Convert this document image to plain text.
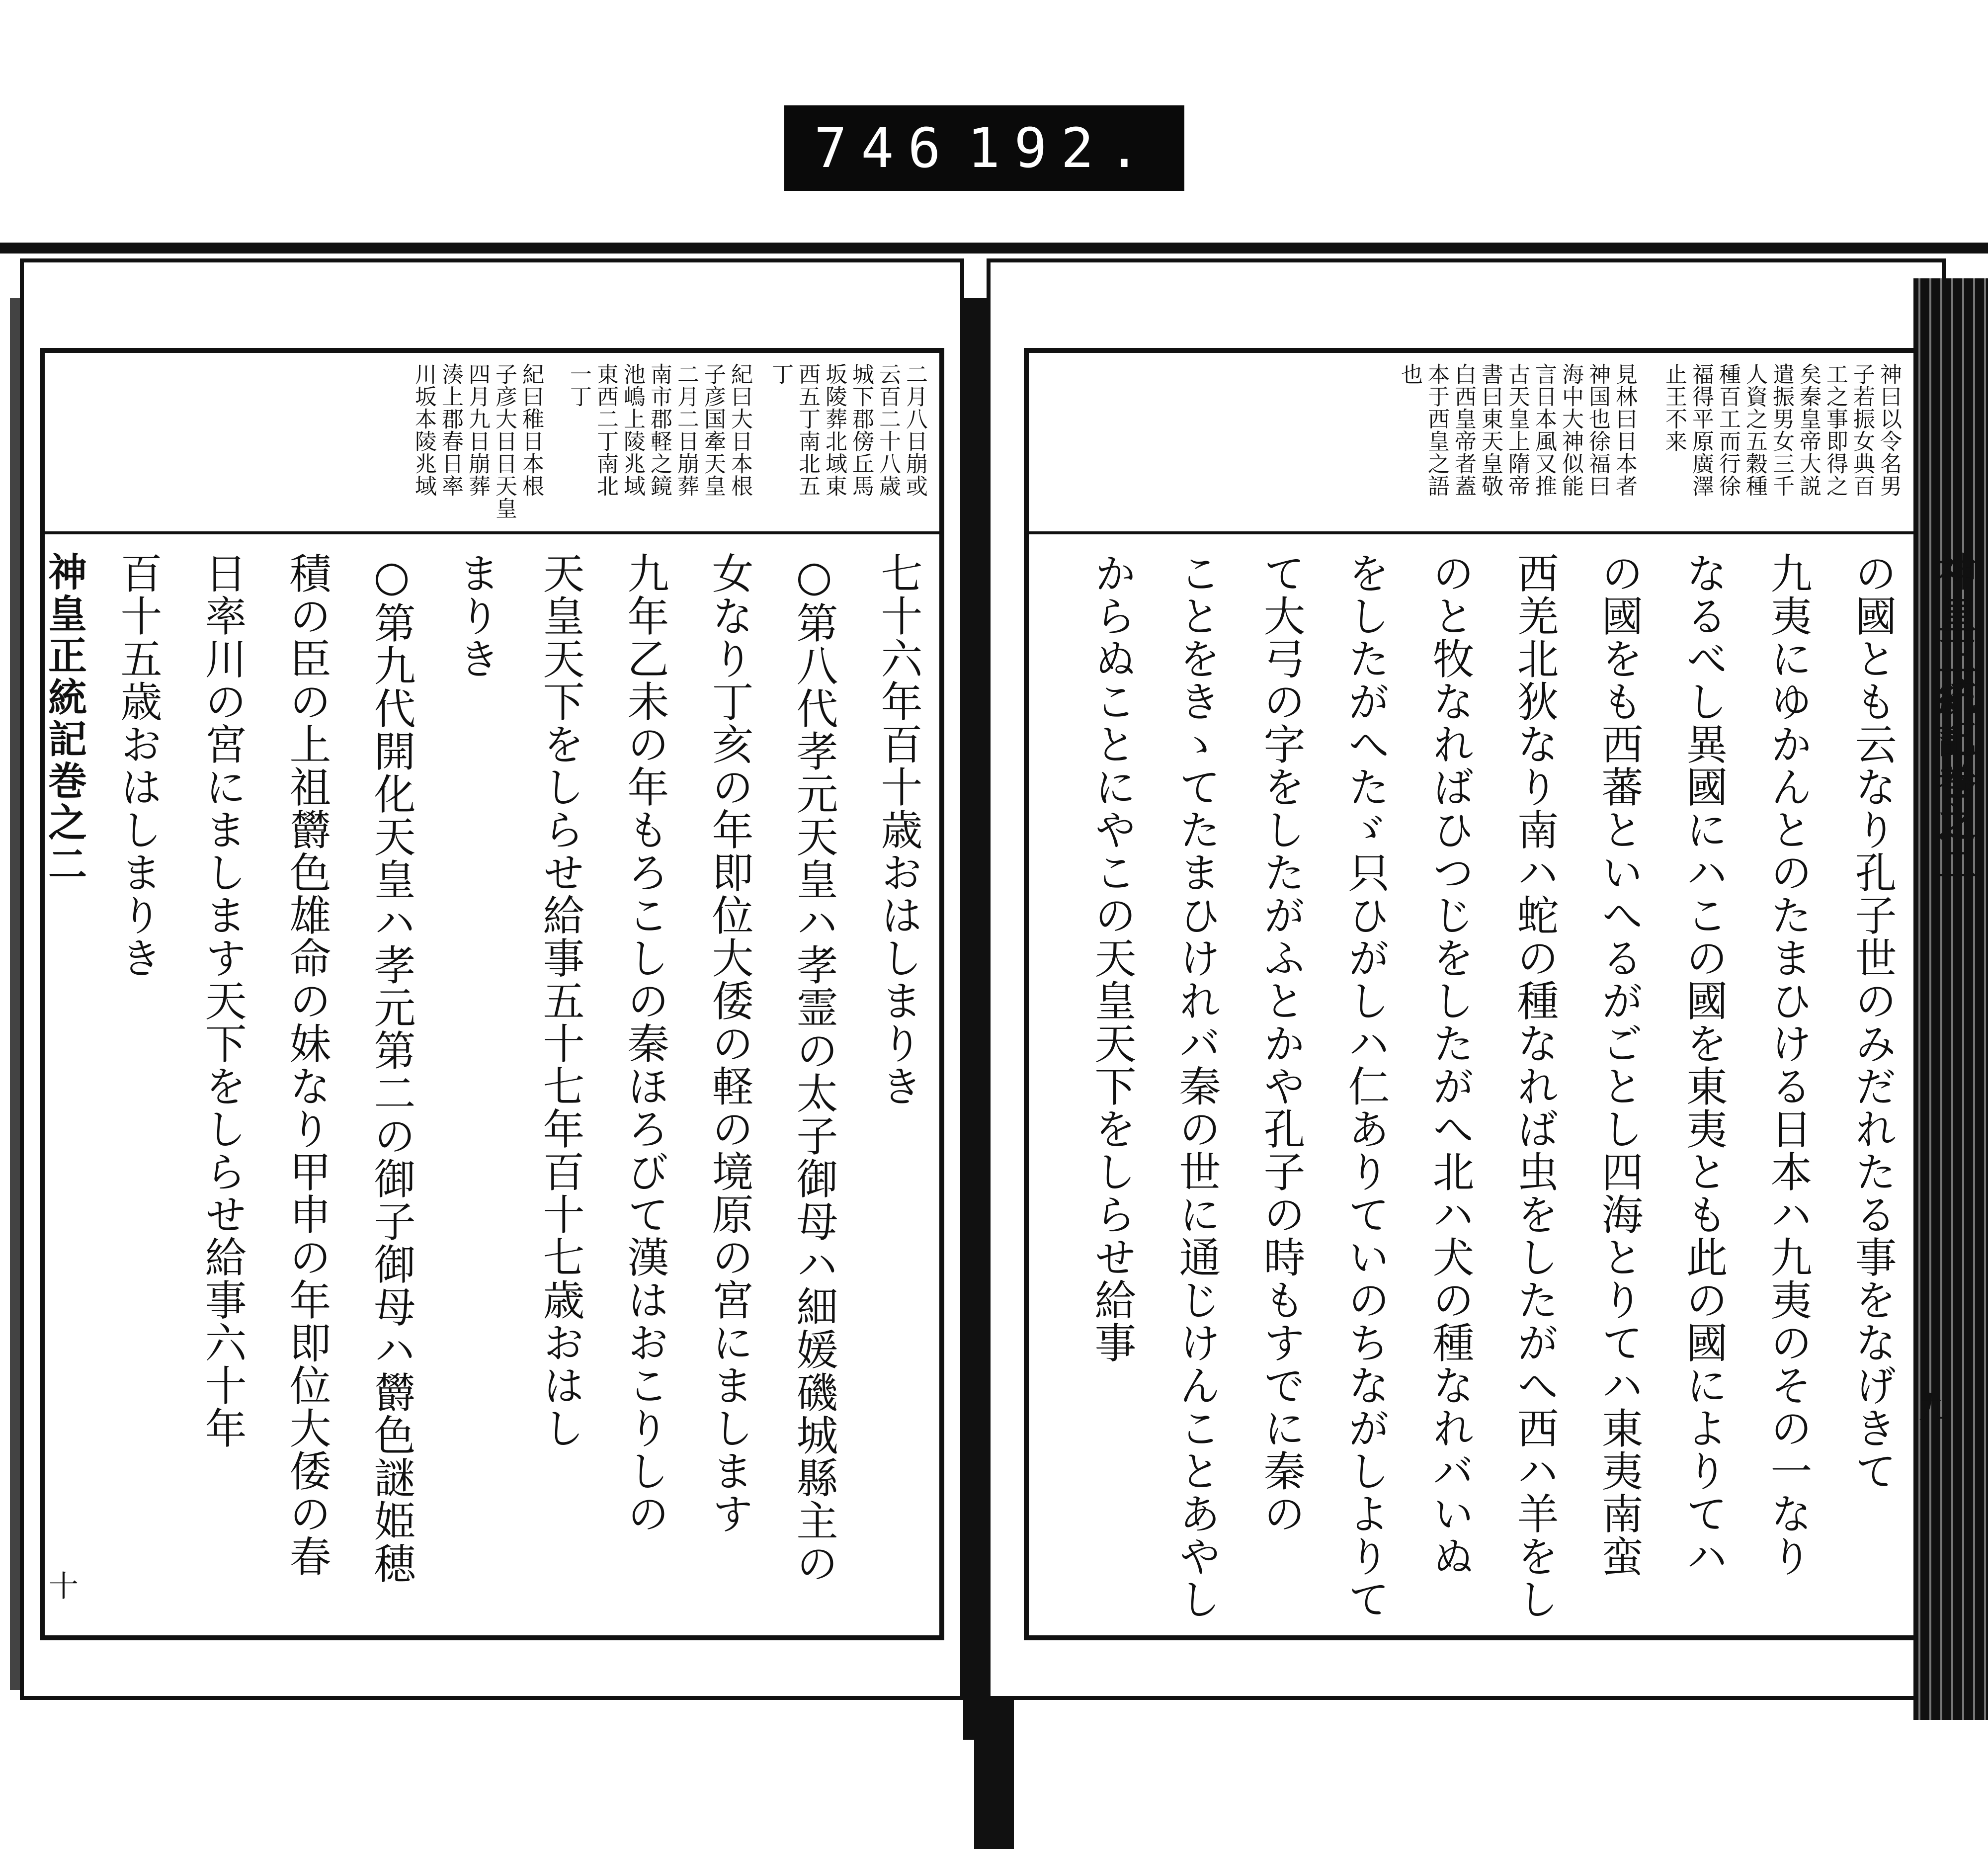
746 192.
二月八日崩或
云百二十八歳
城下郡傍丘馬
坂陵葬北域東
西五丁南北五
丁
紀曰大日本根
子彦国牽天皇
二月二日崩葬
南市郡軽之鏡
池嶋上陵兆域
東西二丁南北
一丁
紀曰稚日本根
子彦大日日天皇
四月九日崩葬
湊上郡春日率
川坂本陵兆域
七十六年百十歳おはしまりき
○第八代孝元天皇ハ孝霊の太子御母ハ細媛磯城縣主の
女なり丁亥の年即位大倭の軽の境原の宮にまします
九年乙未の年もろこしの秦ほろびて漢はおこりしの
天皇天下をしらせ給事五十七年百十七歳おはし
まりき
○第九代開化天皇ハ孝元第二の御子御母ハ欝色謎姫穂
積の臣の上祖欝色雄命の妹なり甲申の年即位大倭の春
日率川の宮にまします天下をしらせ給事六十年
百十五歳おはしまりき
神皇正統記巻之二
十
神曰以令名男
子若振女典百
工之事即得之
矣秦皇帝大説
遣振男女三千
人資之五穀種
種百工而行徐
福得平原廣澤
止王不来
見林曰日本者
神国也徐福曰
海中大神似能
言日本風又推
古天皇上隋帝
書曰東天皇敬
白西皇帝者蓋
本于西皇之語
也
神皇正統記巻之二
の國とも云なり孔子世のみだれたる事をなげきて
九夷にゆかんとのたまひける日本ハ九夷のその一なり
なるべし異國にハこの國を東夷とも此の國によりてハ
の國をも西蕃といへるがごとし四海とりてハ東夷南蛮
西羌北狄なり南ハ蛇の種なれば虫をしたがへ西ハ羊をし
のと牧なればひつじをしたがへ北ハ犬の種なれバいぬ
をしたがへたゞ只ひがしハ仁ありていのちながしよりて
て大弓の字をしたがふとかや孔子の時もすでに秦の
ことをきゝてたまひけれバ秦の世に通じけんことあやし
からぬことにやこの天皇天下をしらせ給事
九
